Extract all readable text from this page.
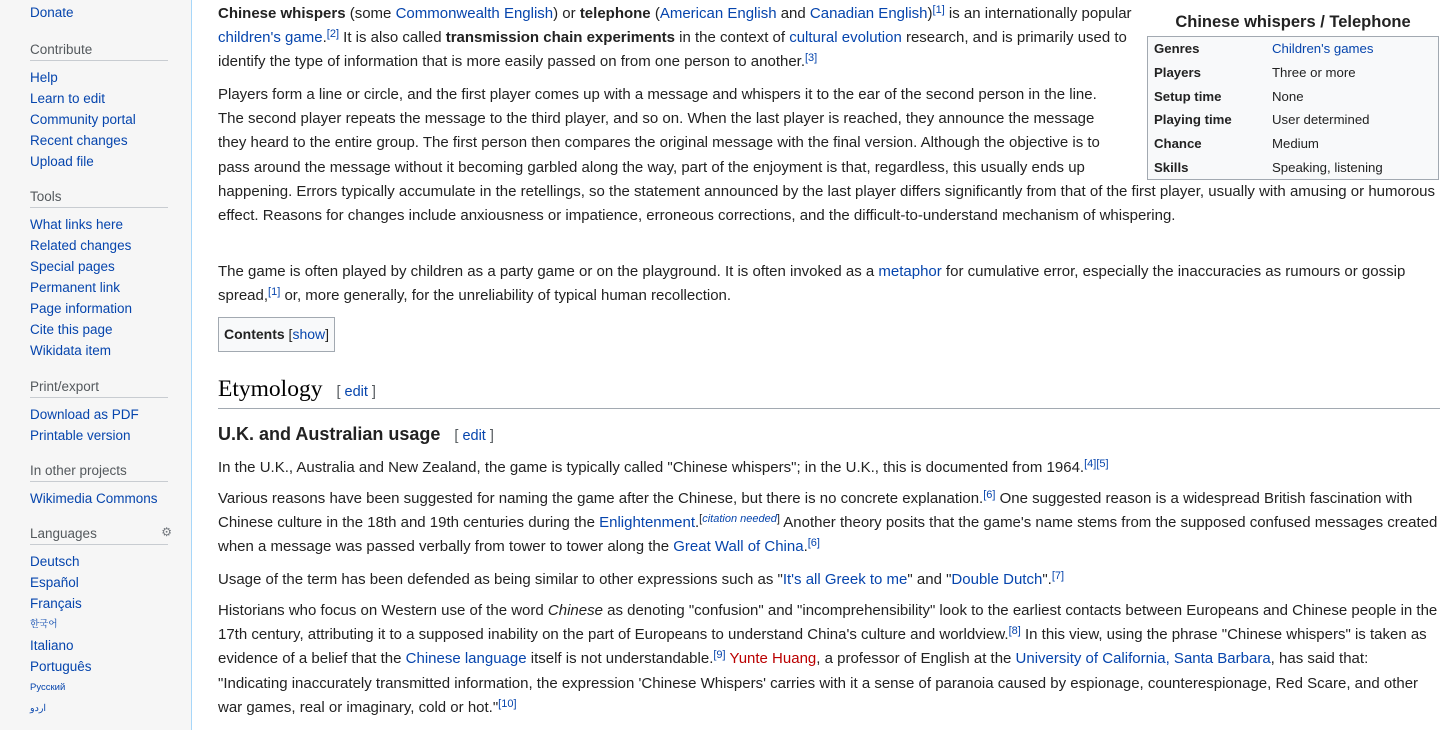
Donate
Contribute
Help
Learn to edit
Community portal
Recent changes
Upload file
Tools
What links here
Related changes
Special pages
Permanent link
Page information
Cite this page
Wikidata item
Print/export
Download as PDF
Printable version
In other projects
Wikimedia Commons
Languages	⚙
Deutsch
Español
Français
한국어
Italiano
Português
Русский
اردو
Chinese whispers / Telephone
Genres	Children's games
Players	Three or more
Setup time	None
Playing time	User determined
Chance	Medium
Skills	Speaking, listening

Chinese whispers (some Commonwealth English) or telephone (American English and Canadian English)[1] is an internationally popular children's game.[2] It is also called transmission chain experiments in the context of cultural evolution research, and is primarily used to identify the type of information that is more easily passed on from one person to another.[3]

Players form a line or circle, and the first player comes up with a message and whispers it to the ear of the second person in the line. The second player repeats the message to the third player, and so on. When the last player is reached, they announce the message they heard to the entire group. The first person then compares the original message with the final version. Although the objective is to pass around the message without it becoming garbled along the way, part of the enjoyment is that, regardless, this usually ends up happening. Errors typically accumulate in the retellings, so the statement announced by the last player differs significantly from that of the first player, usually with amusing or humorous effect. Reasons for changes include anxiousness or impatience, erroneous corrections, and the difficult-to-understand mechanism of whispering.

The game is often played by children as a party game or on the playground. It is often invoked as a metaphor for cumulative error, especially the inaccuracies as rumours or gossip spread,[1] or, more generally, for the unreliability of typical human recollection.

Contents [show]
Etymology [ edit ]
U.K. and Australian usage [ edit ]

In the U.K., Australia and New Zealand, the game is typically called "Chinese whispers"; in the U.K., this is documented from 1964.[4][5]

Various reasons have been suggested for naming the game after the Chinese, but there is no concrete explanation.[6] One suggested reason is a widespread British fascination with Chinese culture in the 18th and 19th centuries during the Enlightenment.[citation needed] Another theory posits that the game's name stems from the supposed confused messages created when a message was passed verbally from tower to tower along the Great Wall of China.[6]

Usage of the term has been defended as being similar to other expressions such as "It's all Greek to me" and "Double Dutch".[7]

Historians who focus on Western use of the word Chinese as denoting "confusion" and "incomprehensibility" look to the earliest contacts between Europeans and Chinese people in the 17th century, attributing it to a supposed inability on the part of Europeans to understand China's culture and worldview.[8] In this view, using the phrase "Chinese whispers" is taken as evidence of a belief that the Chinese language itself is not understandable.[9] Yunte Huang, a professor of English at the University of California, Santa Barbara, has said that: "Indicating inaccurately transmitted information, the expression 'Chinese Whispers' carries with it a sense of paranoia caused by espionage, counterespionage, Red Scare, and other war games, real or imaginary, cold or hot."[10]
